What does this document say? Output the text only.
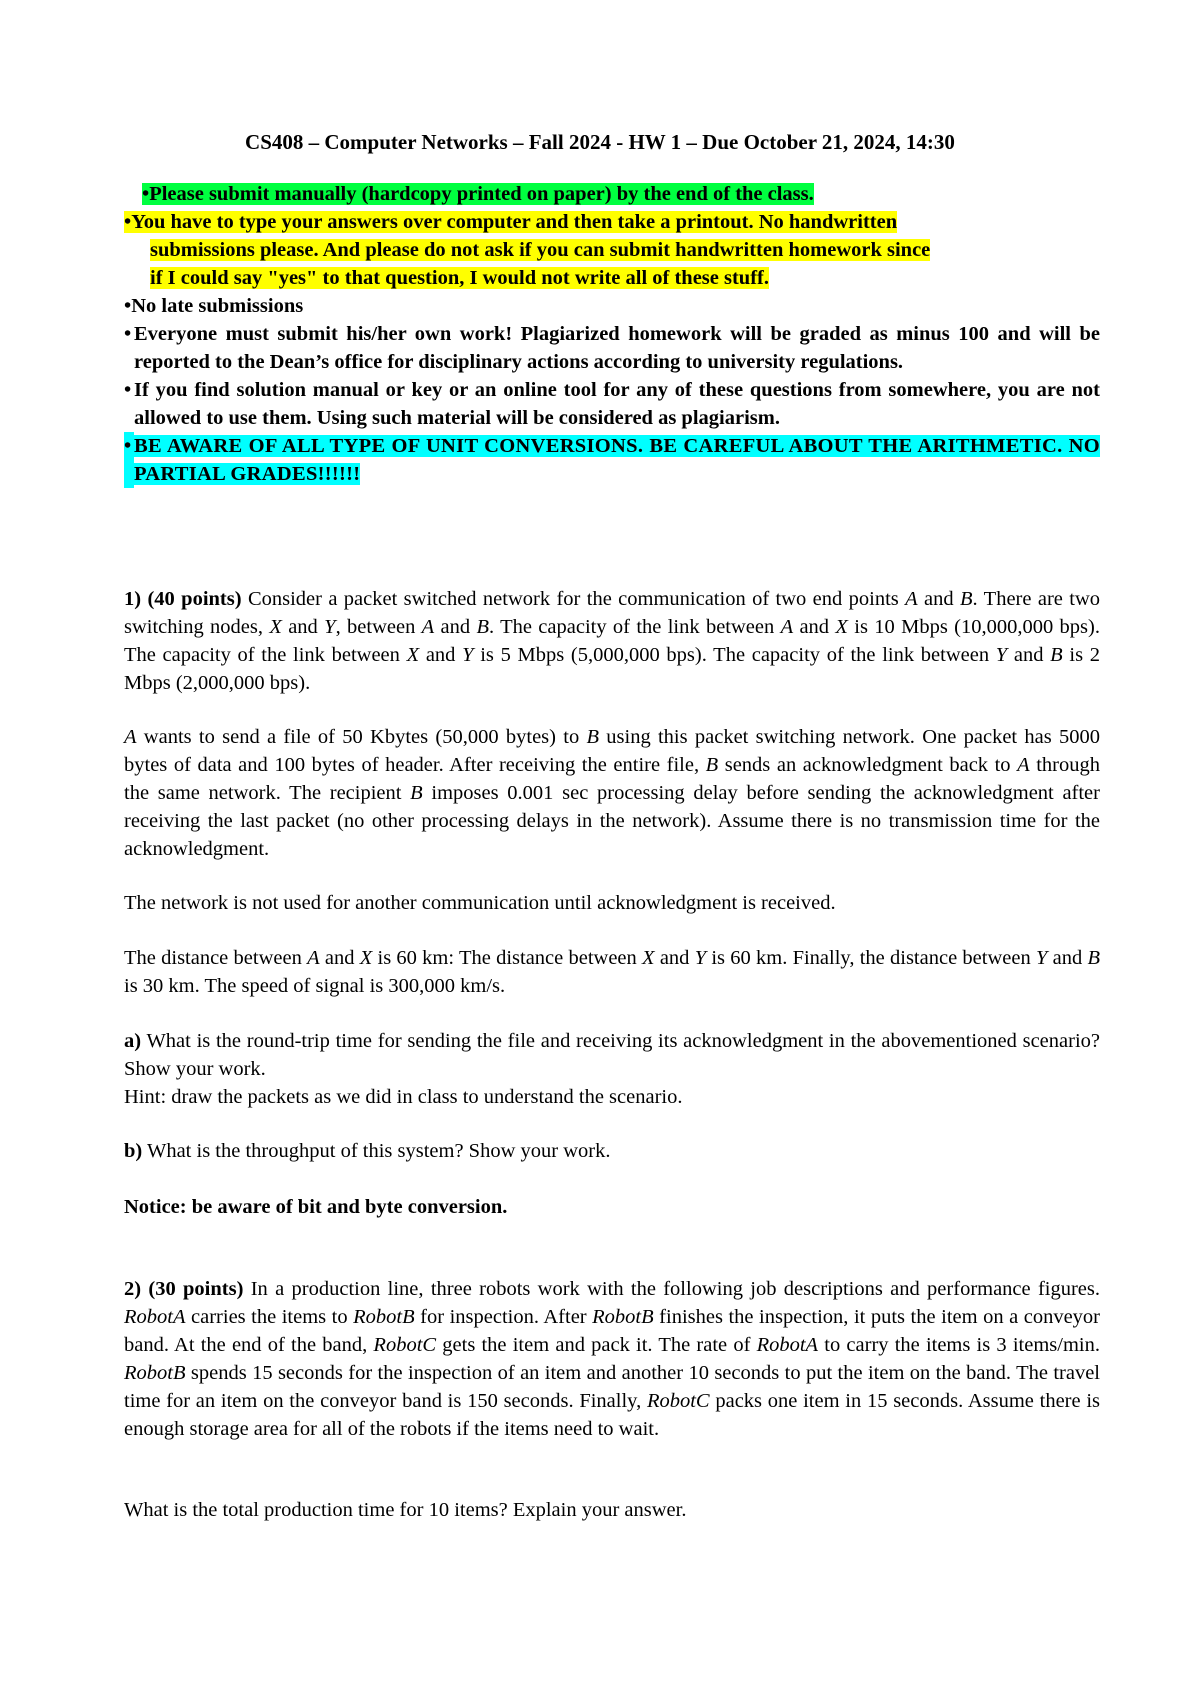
CS408 – Computer Networks – Fall 2024 - HW 1 – Due October 21, 2024, 14:30
•Please submit manually (hardcopy printed on paper) by the end of the class.
•You have to type your answers over computer and then take a printout. No handwritten
submissions please. And please do not ask if you can submit handwritten homework since
if I could say "yes" to that question, I would not write all of these stuff.
•No late submissions
• Everyone must submit his/her own work! Plagiarized homework will be graded as minus 100 and will be reported to the Dean’s office for disciplinary actions according to university regulations.
• If you find solution manual or key or an online tool for any of these questions from somewhere, you are not allowed to use them. Using such material will be considered as plagiarism.
• BE AWARE OF ALL TYPE OF UNIT CONVERSIONS. BE CAREFUL ABOUT THE ARITHMETIC. NO PARTIAL GRADES!!!!!!

1) (40 points) Consider a packet switched network for the communication of two end points A and B. There are two switching nodes, X and Y, between A and B. The capacity of the link between A and X is 10 Mbps (10,000,000 bps). The capacity of the link between X and Y is 5 Mbps (5,000,000 bps). The capacity of the link between Y and B is 2 Mbps (2,000,000 bps).

A wants to send a file of 50 Kbytes (50,000 bytes) to B using this packet switching network. One packet has 5000 bytes of data and 100 bytes of header. After receiving the entire file, B sends an acknowledgment back to A through the same network. The recipient B imposes 0.001 sec processing delay before sending the acknowledgment after receiving the last packet (no other processing delays in the network). Assume there is no transmission time for the acknowledgment.

The network is not used for another communication until acknowledgment is received.

The distance between A and X is 60 km: The distance between X and Y is 60 km. Finally, the distance between Y and B is 30 km. The speed of signal is 300,000 km/s.

a) What is the round-trip time for sending the file and receiving its acknowledgment in the abovementioned scenario? Show your work.

Hint: draw the packets as we did in class to understand the scenario.

b) What is the throughput of this system? Show your work.

Notice: be aware of bit and byte conversion.

2) (30 points) In a production line, three robots work with the following job descriptions and performance figures. RobotA carries the items to RobotB for inspection. After RobotB finishes the inspection, it puts the item on a conveyor band. At the end of the band, RobotC gets the item and pack it. The rate of RobotA to carry the items is 3 items/min. RobotB spends 15 seconds for the inspection of an item and another 10 seconds to put the item on the band. The travel time for an item on the conveyor band is 150 seconds. Finally, RobotC packs one item in 15 seconds. Assume there is enough storage area for all of the robots if the items need to wait.

What is the total production time for 10 items? Explain your answer.
